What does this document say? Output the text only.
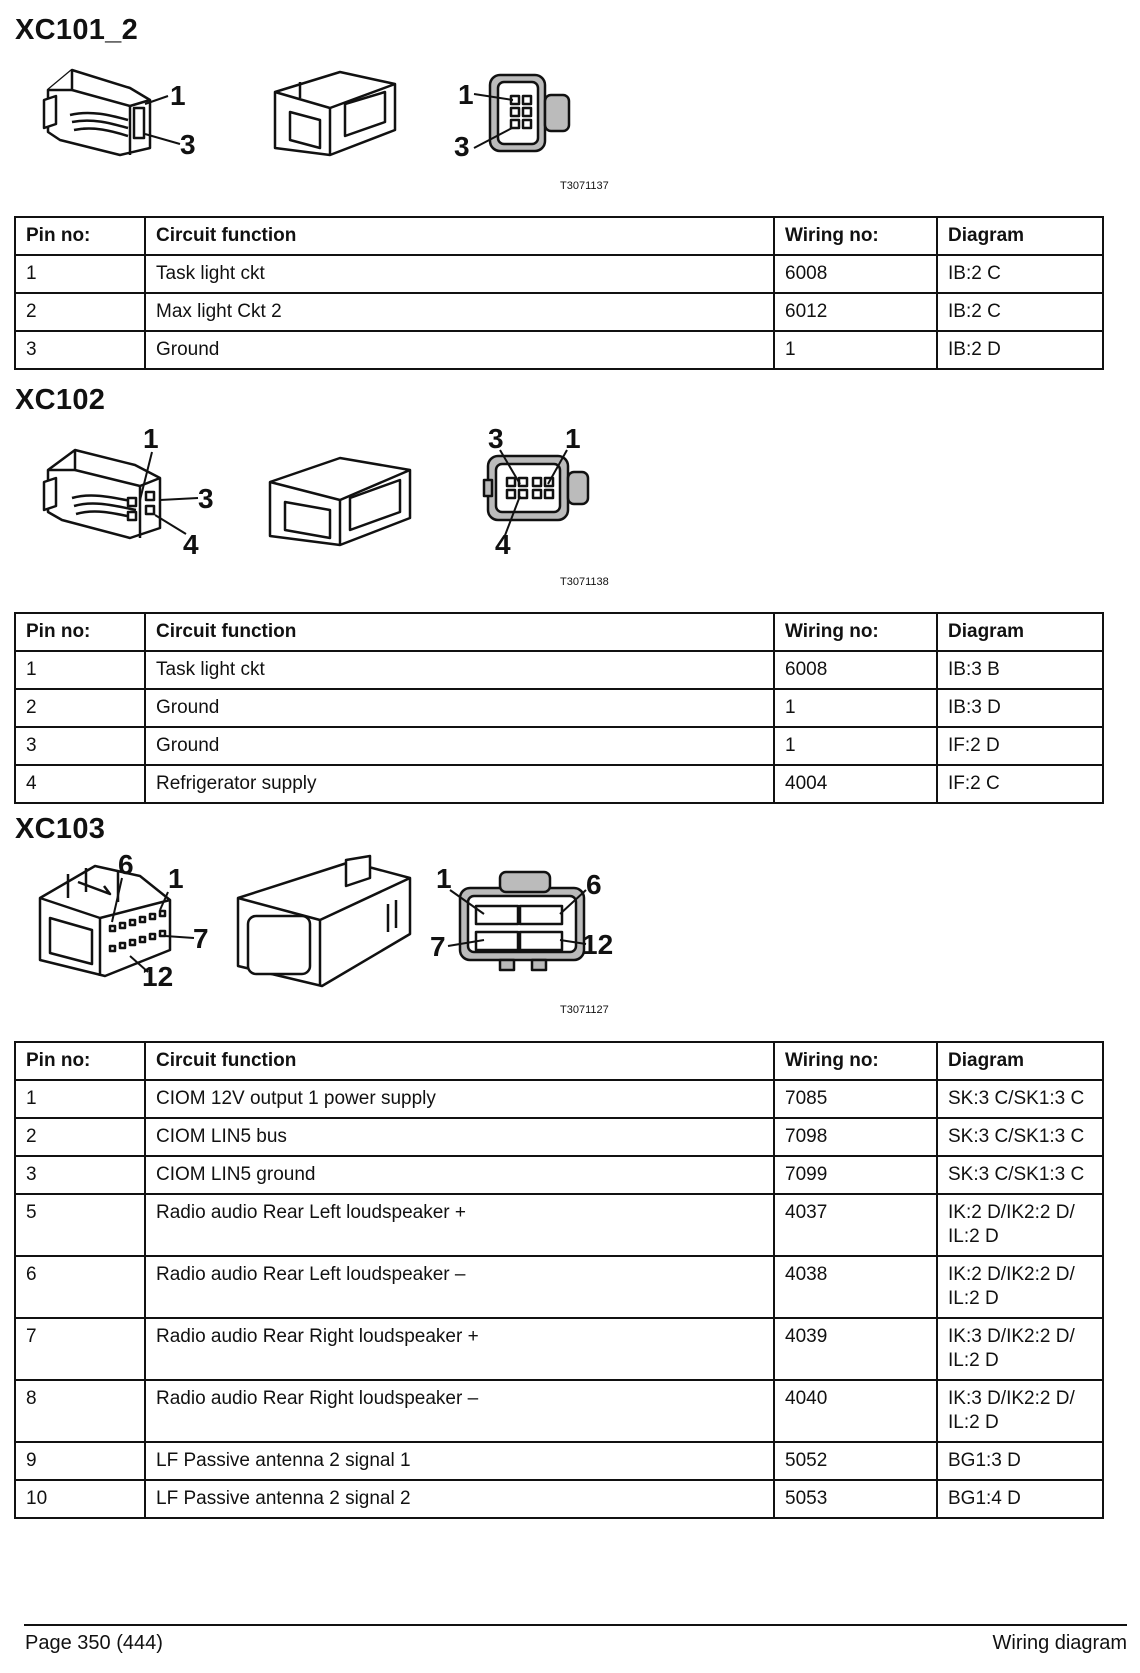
XC101_2
1
3
1
3
T3071137
Pin no:	Circuit function	Wiring no:	Diagram
1	Task light ckt	6008	IB:2 C
2	Max light Ckt 2	6012	IB:2 C
3	Ground	1	IB:2 D
XC102
1
3
4
3 1
4
T3071138
Pin no:	Circuit function	Wiring no:	Diagram
1	Task light ckt	6008	IB:3 B
2	Ground	1	IB:3 D
3	Ground	1	IF:2 D
4	Refrigerator supply	4004	IF:2 C
XC103
6 1
7
12
1	6
7	12
T3071127
Pin no:	Circuit function	Wiring no:	Diagram
1	CIOM 12V output 1 power supply	7085	SK:3 C/SK1:3 C
2	CIOM LIN5 bus	7098	SK:3 C/SK1:3 C
3	CIOM LIN5 ground	7099	SK:3 C/SK1:3 C
5	Radio audio Rear Left loudspeaker +	4037	IK:2 D/IK2:2 D/
IL:2 D
6	Radio audio Rear Left loudspeaker –	4038	IK:2 D/IK2:2 D/
IL:2 D
7	Radio audio Rear Right loudspeaker +	4039	IK:3 D/IK2:2 D/
IL:2 D
8	Radio audio Rear Right loudspeaker –	4040	IK:3 D/IK2:2 D/
IL:2 D
9	LF Passive antenna 2 signal 1	5052	BG1:3 D
10	LF Passive antenna 2 signal 2	5053	BG1:4 D
Page 350 (444)	Wiring diagram
